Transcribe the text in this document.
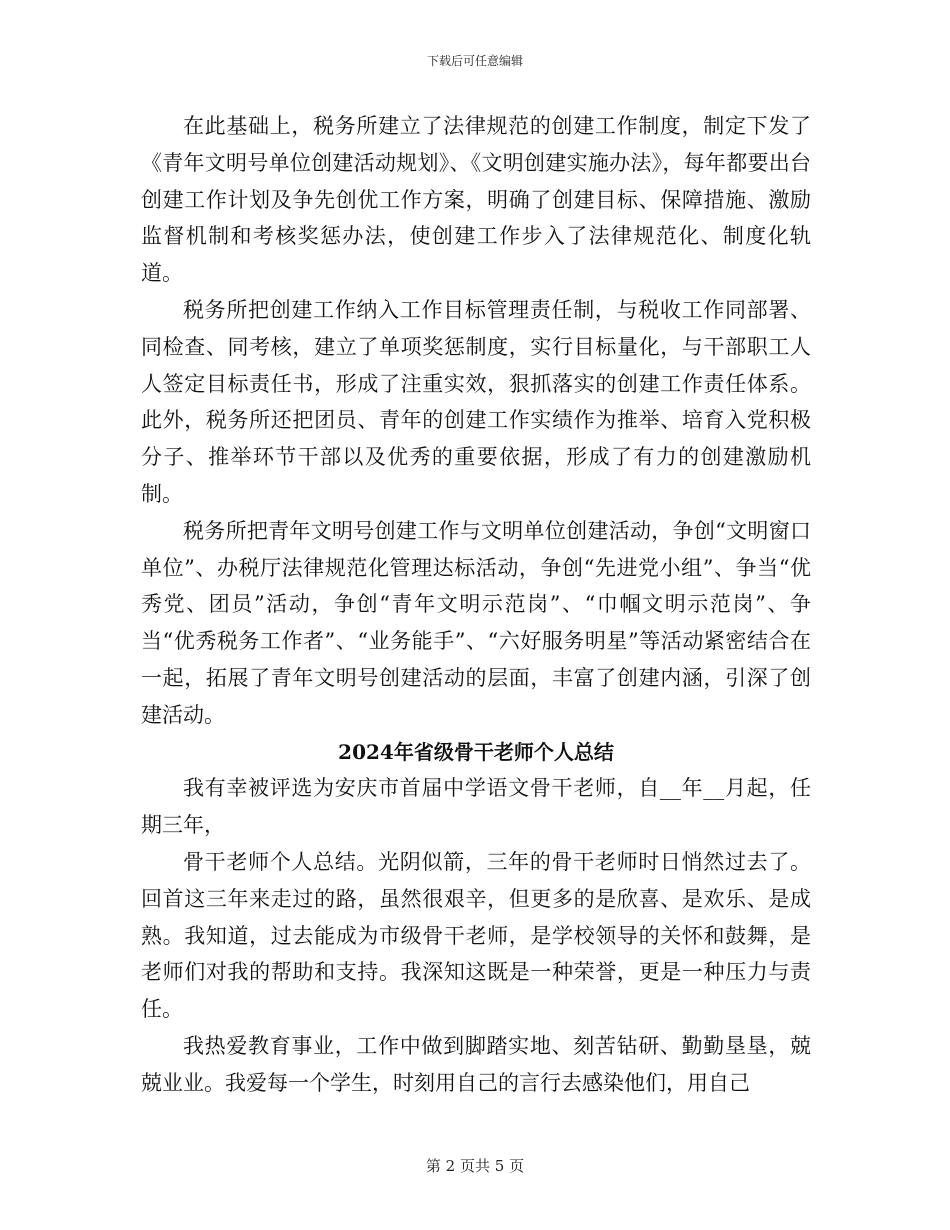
下载后可任意编辑

在此基础上，税务所建立了法律规范的创建工作制度，制定下发了《青年文明号单位创建活动规划》、《文明创建实施办法》，每年都要出台创建工作计划及争先创优工作方案，明确了创建目标、保障措施、激励监督机制和考核奖惩办法，使创建工作步入了法律规范化、制度化轨道。

税务所把创建工作纳入工作目标管理责任制，与税收工作同部署、同检查、同考核，建立了单项奖惩制度，实行目标量化，与干部职工人人签定目标责任书，形成了注重实效，狠抓落实的创建工作责任体系。此外，税务所还把团员、青年的创建工作实绩作为推举、培育入党积极分子、推举环节干部以及优秀的重要依据，形成了有力的创建激励机制。

税务所把青年文明号创建工作与文明单位创建活动，争创“文明窗口单位”、办税厅法律规范化管理达标活动，争创“先进党小组”、争当“优秀党、团员”活动，争创“青年文明示范岗”、“巾帼文明示范岗”、争当“优秀税务工作者”、“业务能手”、“六好服务明星”等活动紧密结合在一起，拓展了青年文明号创建活动的层面，丰富了创建内涵，引深了创建活动。

2024年省级骨干老师个人总结

我有幸被评选为安庆市首届中学语文骨干老师，自__年__月起，任期三年，

骨干老师个人总结。光阴似箭，三年的骨干老师时日悄然过去了。回首这三年来走过的路，虽然很艰辛，但更多的是欣喜、是欢乐、是成熟。我知道，过去能成为市级骨干老师，是学校领导的关怀和鼓舞，是老师们对我的帮助和支持。我深知这既是一种荣誉，更是一种压力与责任。

我热爱教育事业，工作中做到脚踏实地、刻苦钻研、勤勤垦垦，兢兢业业。我爱每一个学生，时刻用自己的言行去感染他们，用自己

第 2 页共 5 页
